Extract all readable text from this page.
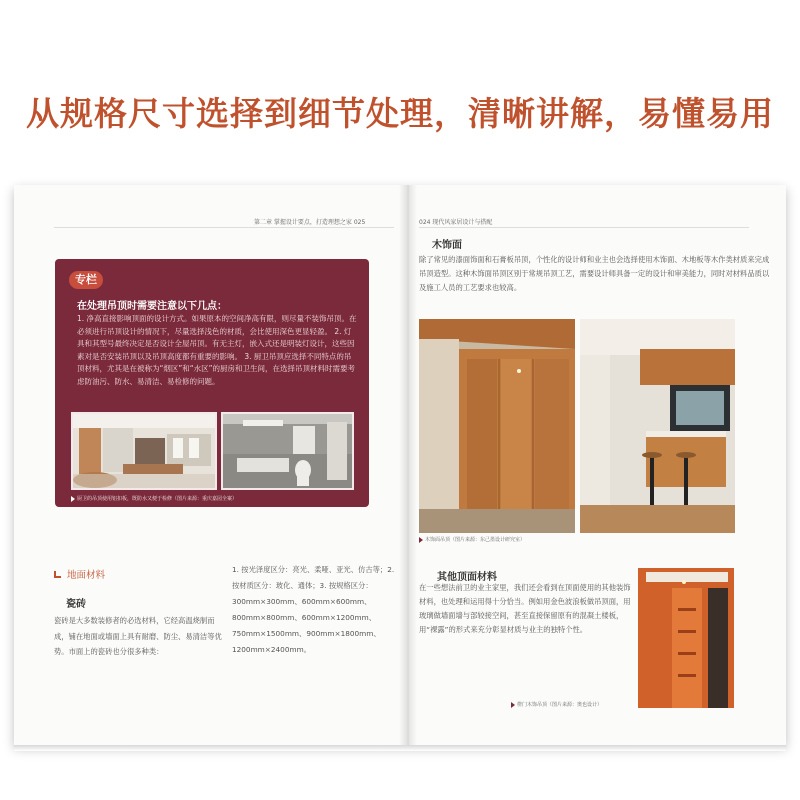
从规格尺寸选择到细节处理，清晰讲解，易懂易用
第二章 掌握设计要点，打造理想之家 025	024 现代风家居设计与搭配
专栏
在处理吊顶时需要注意以下几点：
1. 净高直接影响顶面的设计方式。如果原本的空间净高有限，则尽量不装饰吊顶。在必须进行吊顶设计的情况下，尽量选择浅色的材质，会比使用深色更显轻盈。 2. 灯具和其型号最终决定是否设计全屋吊顶。有无主灯，嵌入式还是明装灯设计，这些因素对是否安装吊顶以及吊顶高度都有重要的影响。 3. 厨卫吊顶应选择不同特点的吊顶材料，尤其是在被称为“烟区”和“水区”的厨房和卫生间，在选择吊顶材料时需要考虑防油污、防水、易清洁、易检修的问题。
厨卫的吊顶使用铝扣板，既防水又便于检修（图片来源：重庆嘉园全案）
地面材料
瓷砖
瓷砖是大多数装修者的必选材料，它经高温烧制而成，铺在地面或墙面上具有耐磨、防尘、易清洁等优势。市面上的瓷砖也分很多种类：
1. 按光泽度区分：亮光、柔哑、亚光、仿古等；2. 按材质区分：玻化、通体；3. 按规格区分：300mm×300mm、600mm×600mm、800mm×800mm、600mm×1200mm、750mm×1500mm、900mm×1800mm、1200mm×2400mm。
木饰面
除了常见的漆面饰面和石膏板吊顶，个性化的设计师和业主也会选择使用木饰面、木地板等木作类材质来完成吊顶造型。这种木饰面吊顶区别于常规吊顶工艺，需要设计师具备一定的设计和审美能力，同时对材料品质以及施工人员的工艺要求也较高。
木饰面吊顶（图片来源：东己墨设计研究室）
其他顶面材料
在一些想法前卫的业主家里，我们还会看到在顶面使用的其他装饰材料，也处理和运用得十分恰当。例如用金色波浪板做吊顶面，用玻璃做墙面墙与部较接空间，甚至直接保留原有的混凝土楼板，用“裸露”的形式来充分彰显材质与业主的独特个性。
橙门木饰吊顶（图片来源：奥也设计）
